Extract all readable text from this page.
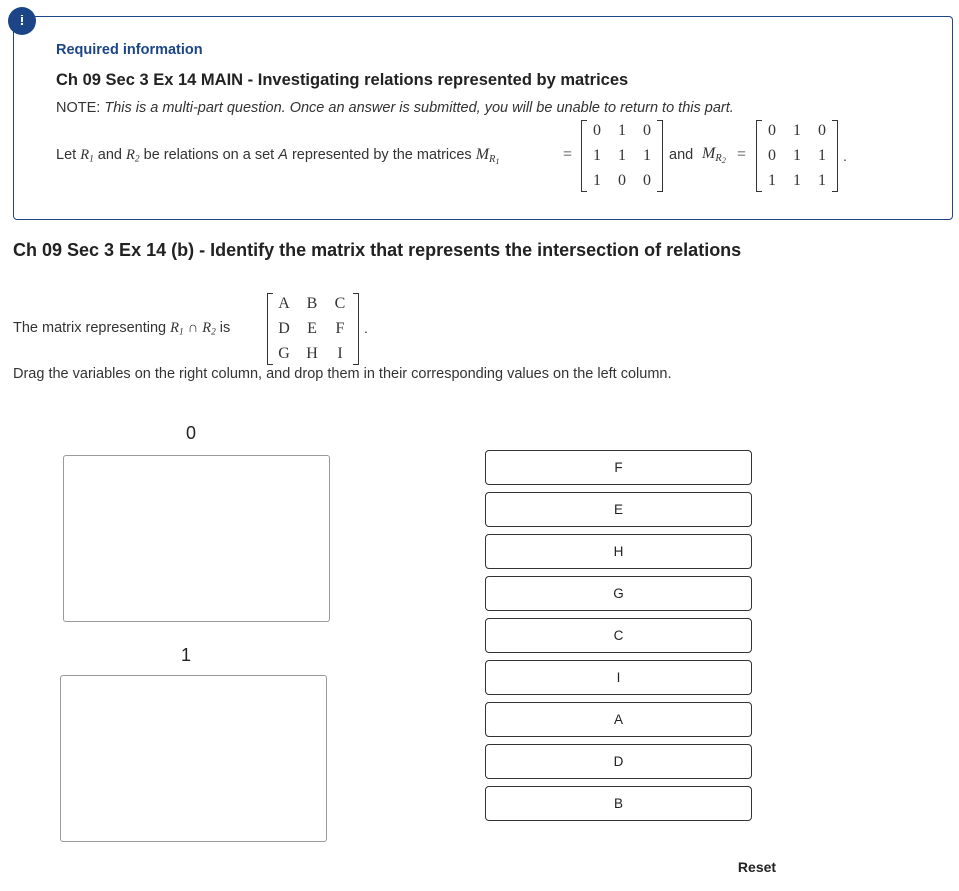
!
Required information
Ch 09 Sec 3 Ex 14 MAIN - Investigating relations represented by matrices
NOTE: This is a multi-part question. Once an answer is submitted, you will be unable to return to this part.
Let $R_1$ and $R_2$ be relations on a set A represented by the matrices $M_{R_1}$	=
0	1	0
1	1	1
1	0	0
and $M_{R_2}$ =
0	1	0
0	1	1
1	1	1
.
Ch 09 Sec 3 Ex 14 (b) - Identify the matrix that represents the intersection of relations
The matrix representing $R_1$ ∩ $R_2$ is
A B C
D E F
G H	I
.
Drag the variables on the right column, and drop them in their corresponding values on the left column.
0
1
F
E
H
G
C
I
A
D
B
Reset
